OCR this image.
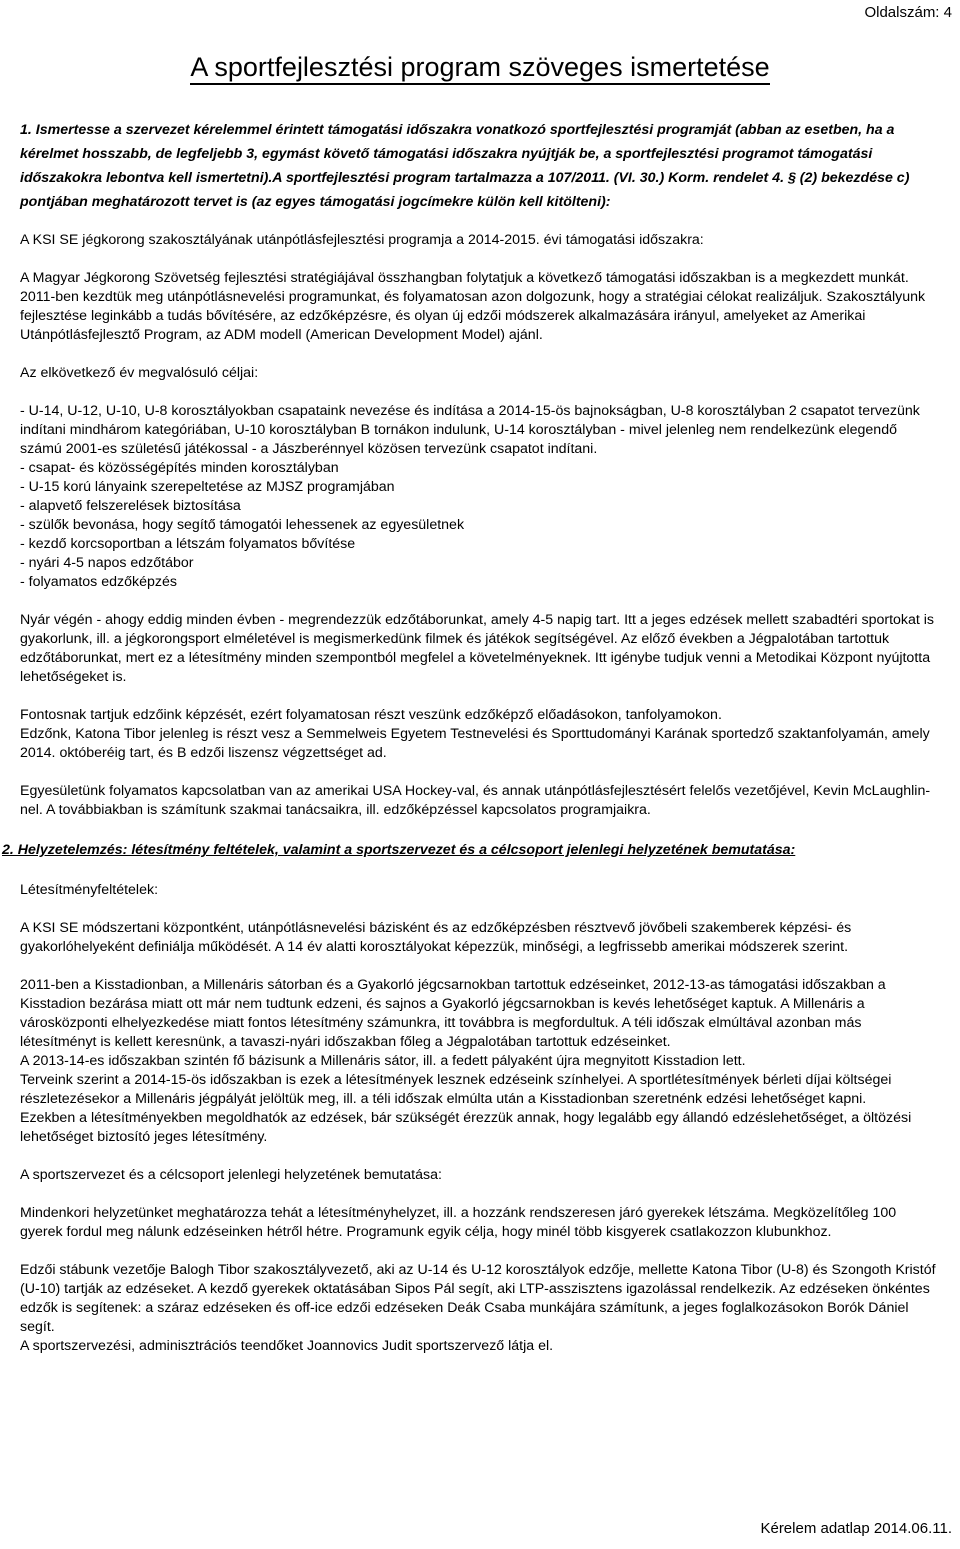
Oldalszám: 4
A sportfejlesztési program szöveges ismertetése

1. Ismertesse a szervezet kérelemmel érintett támogatási időszakra vonatkozó sportfejlesztési programját (abban az esetben, ha a kérelmet hosszabb, de legfeljebb 3, egymást követő támogatási időszakra nyújtják be, a sportfejlesztési programot támogatási időszakokra lebontva kell ismertetni).A sportfejlesztési program tartalmazza a 107/2011. (VI. 30.) Korm. rendelet 4. § (2) bekezdése c) pontjában meghatározott tervet is (az egyes támogatási jogcímekre külön kell kitölteni):

A KSI SE jégkorong szakosztályának utánpótlásfejlesztési programja a 2014-2015. évi támogatási időszakra:

A Magyar Jégkorong Szövetség fejlesztési stratégiájával összhangban folytatjuk a következő támogatási időszakban is a megkezdett munkát.
2011-ben kezdtük meg utánpótlásnevelési programunkat, és folyamatosan azon dolgozunk, hogy a stratégiai célokat realizáljuk. Szakosztályunk fejlesztése leginkább a tudás bővítésére, az edzőképzésre, és olyan új edzői módszerek alkalmazására irányul, amelyeket az Amerikai Utánpótlásfejlesztő Program, az ADM modell (American Development Model) ajánl.

Az elkövetkező év megvalósuló céljai:

- U-14, U-12, U-10, U-8 korosztályokban csapataink nevezése és indítása a 2014-15-ös bajnokságban, U-8 korosztályban 2 csapatot tervezünk indítani mindhárom kategóriában, U-10 korosztályban B tornákon indulunk, U-14 korosztályban - mivel jelenleg nem rendelkezünk elegendő számú 2001-es születésű játékossal - a Jászberénnyel közösen tervezünk csapatot indítani.
- csapat- és közösségépítés minden korosztályban
- U-15 korú lányaink szerepeltetése az MJSZ programjában
- alapvető felszerelések biztosítása
- szülők bevonása, hogy segítő támogatói lehessenek az egyesületnek
- kezdő korcsoportban a létszám folyamatos bővítése
- nyári 4-5 napos edzőtábor
- folyamatos edzőképzés

Nyár végén - ahogy eddig minden évben - megrendezzük edzőtáborunkat, amely 4-5 napig tart. Itt a jeges edzések mellett szabadtéri sportokat is gyakorlunk, ill. a jégkorongsport elméletével is megismerkedünk filmek és játékok segítségével. Az előző években a Jégpalotában tartottuk edzőtáborunkat, mert ez a létesítmény minden szempontból megfelel a követelményeknek. Itt igénybe tudjuk venni a Metodikai Központ nyújtotta lehetőségeket is.

Fontosnak tartjuk edzőink képzését, ezért folyamatosan részt veszünk edzőképző előadásokon, tanfolyamokon.
Edzőnk, Katona Tibor jelenleg is részt vesz a Semmelweis Egyetem Testnevelési és Sporttudományi Karának sportedző szaktanfolyamán, amely 2014. októberéig tart, és B edzői liszensz végzettséget ad.

Egyesületünk folyamatos kapcsolatban van az amerikai USA Hockey-val, és annak utánpótlásfejlesztésért felelős vezetőjével, Kevin McLaughlin-nel. A továbbiakban is számítunk szakmai tanácsaikra, ill. edzőképzéssel kapcsolatos programjaikra.

2. Helyzetelemzés: létesítmény feltételek, valamint a sportszervezet és a célcsoport jelenlegi helyzetének bemutatása:

Létesítményfeltételek:

A KSI SE módszertani központként, utánpótlásnevelési bázisként és az edzőképzésben résztvevő jövőbeli szakemberek képzési- és gyakorlóhelyeként definiálja működését. A 14 év alatti korosztályokat képezzük, minőségi, a legfrissebb amerikai módszerek szerint.

2011-ben a Kisstadionban, a Millenáris sátorban és a Gyakorló jégcsarnokban tartottuk edzéseinket, 2012-13-as támogatási időszakban a Kisstadion bezárása miatt ott már nem tudtunk edzeni, és sajnos a Gyakorló jégcsarnokban is kevés lehetőséget kaptuk. A Millenáris a városközponti elhelyezkedése miatt fontos létesítmény számunkra, itt továbbra is megfordultuk. A téli időszak elmúltával azonban más létesítményt is kellett keresnünk, a tavaszi-nyári időszakban főleg a Jégpalotában tartottuk edzéseinket.
A 2013-14-es időszakban szintén fő bázisunk a Millenáris sátor, ill. a fedett pályaként újra megnyitott Kisstadion lett.
Terveink szerint a 2014-15-ös időszakban is ezek a létesítmények lesznek edzéseink színhelyei. A sportlétesítmények bérleti díjai költségei részletezésekor a Millenáris jégpályát jelöltük meg, ill. a téli időszak elmúlta után a Kisstadionban szeretnénk edzési lehetőséget kapni.
Ezekben a létesítményekben megoldhatók az edzések, bár szükségét érezzük annak, hogy legalább egy állandó edzéslehetőséget, a öltözési lehetőséget biztosító jeges létesítmény.

A sportszervezet és a célcsoport jelenlegi helyzetének bemutatása:

Mindenkori helyzetünket meghatározza tehát a létesítményhelyzet, ill. a hozzánk rendszeresen járó gyerekek létszáma. Megközelítőleg 100 gyerek fordul meg nálunk edzéseinken hétről hétre. Programunk egyik célja, hogy minél több kisgyerek csatlakozzon klubunkhoz.

Edzői stábunk vezetője Balogh Tibor szakosztályvezető, aki az U-14 és U-12 korosztályok edzője, mellette Katona Tibor (U-8) és Szongoth Kristóf (U-10) tartják az edzéseket. A kezdő gyerekek oktatásában Sipos Pál segít, aki LTP-asszisztens igazolással rendelkezik. Az edzéseken önkéntes edzők is segítenek: a száraz edzéseken és off-ice edzői edzéseken Deák Csaba munkájára számítunk, a jeges foglalkozásokon Borók Dániel segít.
A sportszervezési, adminisztrációs teendőket Joannovics Judit sportszervező látja el.

Kérelem adatlap 2014.06.11.
